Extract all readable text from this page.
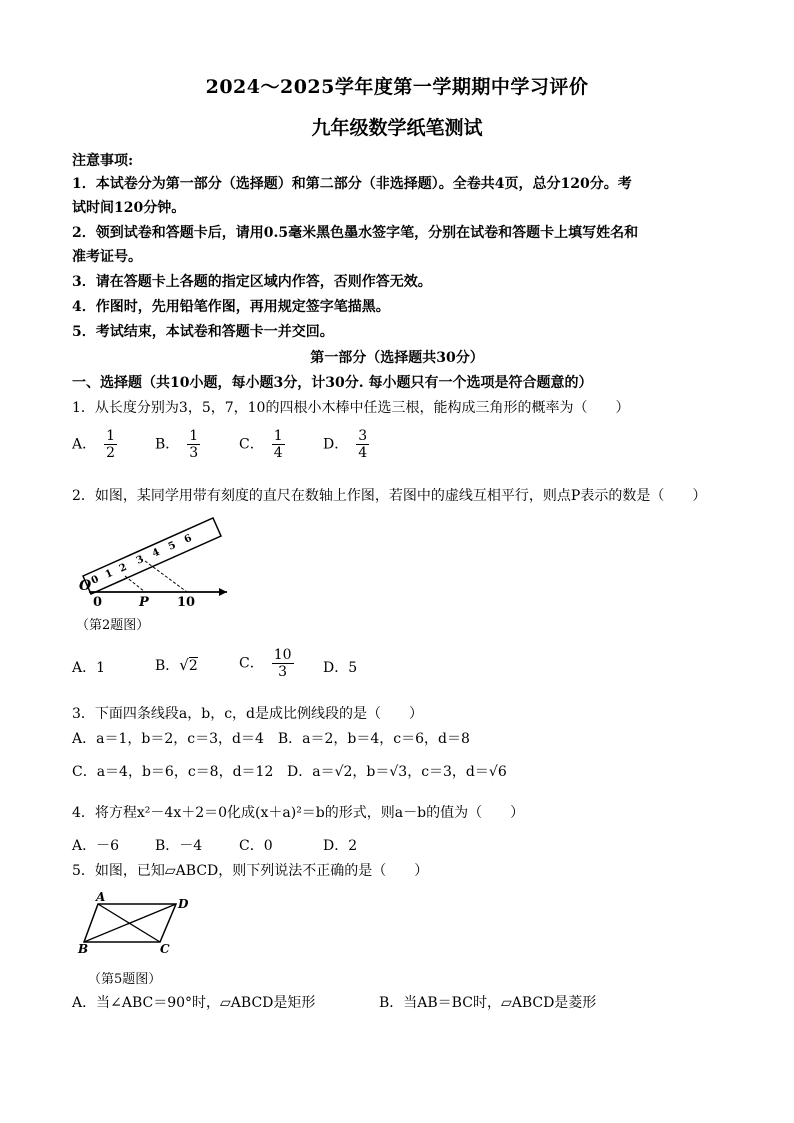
2024～2025学年度第一学期期中学习评价
九年级数学纸笔测试
注意事项:
1．本试卷分为第一部分（选择题）和第二部分（非选择题）。全卷共4页，总分120分。考
试时间120分钟。
2．领到试卷和答题卡后，请用0.5毫米黑色墨水签字笔，分别在试卷和答题卡上填写姓名和
准考证号。
3．请在答题卡上各题的指定区域内作答，否则作答无效。
4．作图时，先用铅笔作图，再用规定签字笔描黑。
5．考试结束，本试卷和答题卡一并交回。
第一部分（选择题共30分）
一、选择题（共10小题，每小题3分，计30分. 每小题只有一个选项是符合题意的）
1．从长度分别为3，5，7，10的四根小木棒中任选三根，能构成三角形的概率为（　　）
A． $\frac{1}{2}$	B． $\frac{1}{3}$	C． $\frac{1}{4}$	D． $\frac{3}{4}$
2．如图，某同学用带有刻度的直尺在数轴上作图，若图中的虚线互相平行，则点P表示的数是（　　）
0 1 2
3
4
5
6
O
0	P 10
（第2题图）
A．1	B．√2	C． $\frac{10}{3}$ D．5
3．下面四条线段a，b，c，d是成比例线段的是（　　）
A．a＝1，b＝2，c＝3，d＝4　B．a＝2，b＝4，c＝6，d＝8
C．a＝4，b＝6，c＝8，d＝12 D．a＝√2，b＝√3，c＝3，d＝√6
4．将方程x²－4x＋2＝0化成(x＋a)²＝b的形式，则a－b的值为（　　）
A．－6	B．－4	C．0	D．2
5．如图，已知▱ABCD，则下列说法不正确的是（　　）
A	D
B	C
（第5题图）
A．当∠ABC＝90°时，▱ABCD是矩形	B．当AB＝BC时，▱ABCD是菱形
